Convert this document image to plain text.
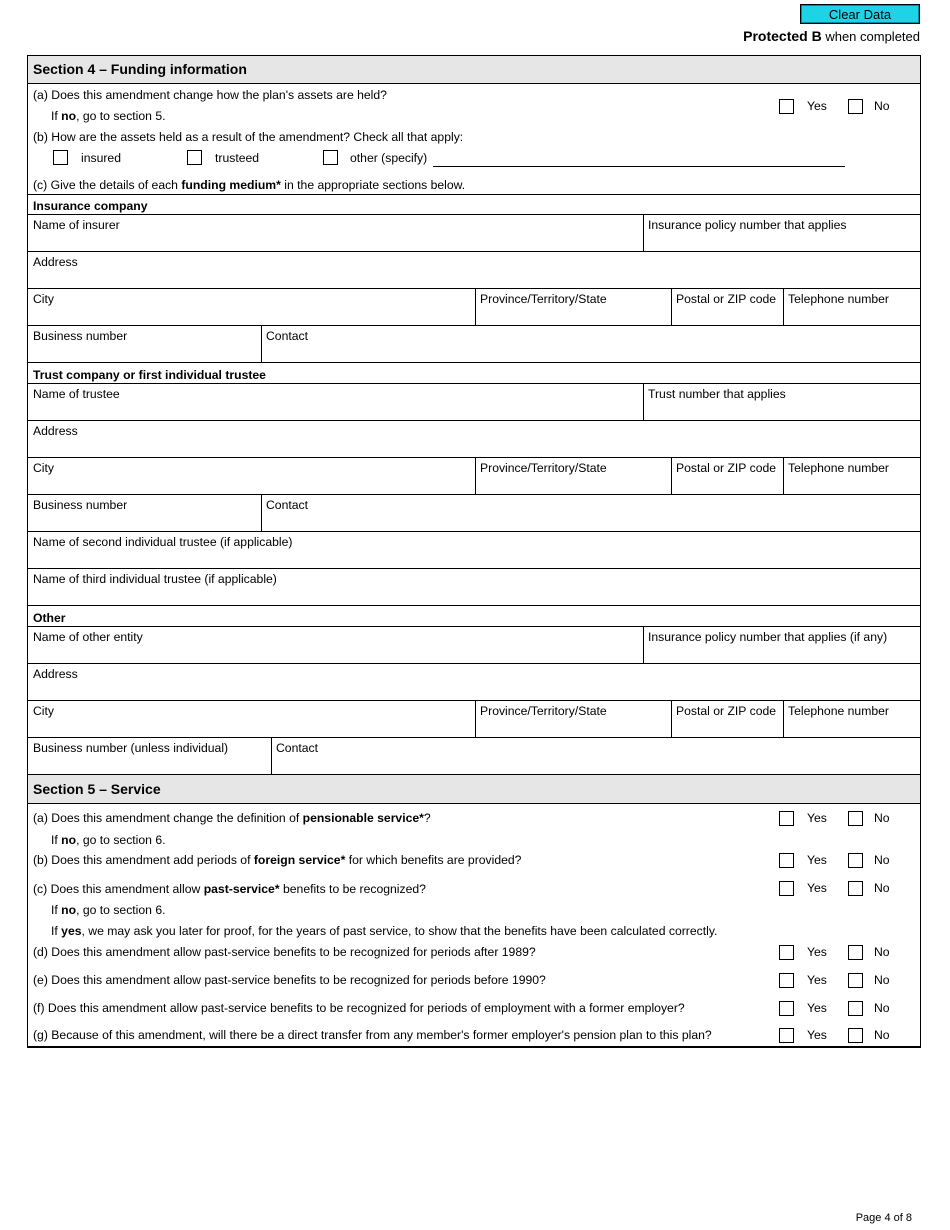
Clear Data
Protected B when completed
Section 4 – Funding information
(a) Does this amendment change how the plan's assets are held?
If no, go to section 5.
Yes	No
(b) How are the assets held as a result of the amendment? Check all that apply:
insured	trusteed	other (specify)
(c) Give the details of each funding medium* in the appropriate sections below.
Insurance company
Name of insurer	Insurance policy number that applies
Address
City	Province/Territory/State	Postal or ZIP code Telephone number
Business number	Contact
Trust company or first individual trustee
Name of trustee	Trust number that applies
Address
City	Province/Territory/State	Postal or ZIP code Telephone number
Business number	Contact
Name of second individual trustee (if applicable)
Name of third individual trustee (if applicable)
Other
Name of other entity	Insurance policy number that applies (if any)
Address
City	Province/Territory/State	Postal or ZIP code Telephone number
Business number (unless individual)	Contact
Section 5 – Service
(a) Does this amendment change the definition of pensionable service*?	Yes	No
If no, go to section 6.
(b) Does this amendment add periods of foreign service* for which benefits are provided?	Yes	No
(c) Does this amendment allow past-service* benefits to be recognized?	Yes	No
If no, go to section 6.
If yes, we may ask you later for proof, for the years of past service, to show that the benefits have been calculated correctly.
(d) Does this amendment allow past-service benefits to be recognized for periods after 1989?	Yes	No
(e) Does this amendment allow past-service benefits to be recognized for periods before 1990?	Yes	No
(f) Does this amendment allow past-service benefits to be recognized for periods of employment with a former employer?	Yes	No
(g) Because of this amendment, will there be a direct transfer from any member's former employer's pension plan to this plan?	Yes	No
Page 4 of 8
